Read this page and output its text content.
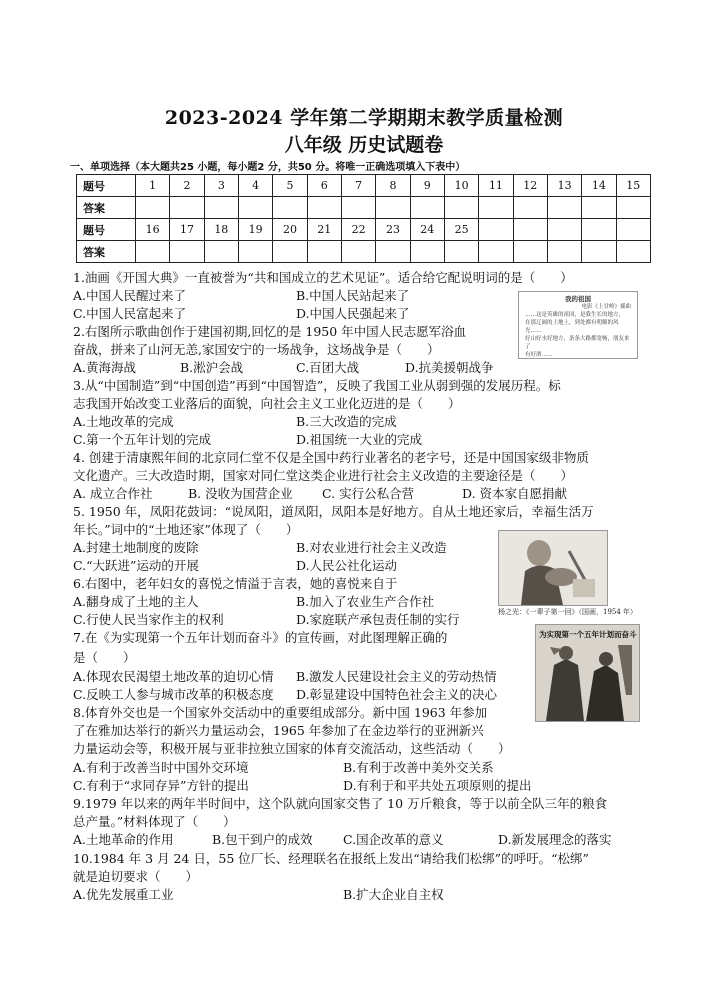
2023-2024 学年第二学期期末教学质量检测
八年级 历史试题卷
一、单项选择（本大题共25 小题，每小题2 分，共50 分。将唯一正确选项填入下表中）
题号	1	2	3	4	5	6	7	8	9	10	11	12	13	14	15
答案															
题号	16	17	18	19	20	21	22	23	24	25					
答案															
1.油画《开国大典》一直被誉为“共和国成立的艺术见证”。适合给它配说明词的是（　　）
A.中国人民醒过来了	B.中国人民站起来了
C.中国人民富起来了	D.中国人民强起来了
2.右图所示歌曲创作于建国初期,回忆的是 1950 年中国人民志愿军浴血
奋战，拼来了山河无恙,家国安宁的一场战争，这场战争是（　　）
A.黄海海战	B.淞沪会战	C.百团大战	D.抗美援朝战争
3.从“中国制造”到“中国创造”再到“中国智造”，反映了我国工业从弱到强的发展历程。标
志我国开始改变工业落后的面貌，向社会主义工业化迈进的是（　　）
A.土地改革的完成	B.三大改造的完成
C.第一个五年计划的完成	D.祖国统一大业的完成
4. 创建于清康熙年间的北京同仁堂不仅是全国中药行业著名的老字号，还是中国国家级非物质
文化遗产。三大改造时期，国家对同仁堂这类企业进行社会主义改造的主要途径是（　　）
A. 成立合作社	B. 没收为国营企业 C. 实行公私合营	D. 资本家自愿捐献
5. 1950 年，凤阳花鼓词：“说凤阳，道凤阳，凤阳本是好地方。自从土地还家后，幸福生活万
年长。”词中的“土地还家”体现了（　　）
A.封建土地制度的废除	B.对农业进行社会主义改造
C.“大跃进”运动的开展	D.人民公社化运动
6.右图中，老年妇女的喜悦之情溢于言表，她的喜悦来自于
A.翻身成了土地的主人	B.加入了农业生产合作社
C.行使人民当家作主的权利	D.家庭联产承包责任制的实行
7.在《为实现第一个五年计划而奋斗》的宣传画，对此图理解正确的
是（　　）
A.体现农民渴望土地改革的迫切心情 B.激发人民建设社会主义的劳动热情
C.反映工人参与城市改革的积极态度 D.彰显建设中国特色社会主义的决心
8.体育外交也是一个国家外交活动中的重要组成部分。新中国 1963 年参加
了在雅加达举行的新兴力量运动会，1965 年参加了在金边举行的亚洲新兴
力量运动会等，积极开展与亚非拉独立国家的体育交流活动，这些活动（　　）
A.有利于改善当时中国外交环境	B.有利于改善中美外交关系
C.有利于“求同存异”方针的提出	D.有利于和平共处五项原则的提出
9.1979 年以来的两年半时间中，这个队就向国家交售了 10 万斤粮食，等于以前全队三年的粮食
总产量。”材料体现了（　　）
A.土地革命的作用	B.包干到户的成效 C.国企改革的意义	D.新发展理念的落实
10.1984 年 3 月 24 日，55 位厂长、经理联名在报纸上发出“请给我们松绑”的呼吁。“松绑”
就是迫切要求（　　）
A.优先发展重工业	B.扩大企业自主权
我的祖国
电影《上甘岭》插曲
……这是英雄的祖国，是我生长的地方，
在那辽阔的土地上，到处都有明媚的风光……
好山好水好地方，条条大路都宽畅，朋友来了
有好酒……
杨之光：《一辈子第一回》（国画，1954 年）
为实现第一个五年计划而奋斗
